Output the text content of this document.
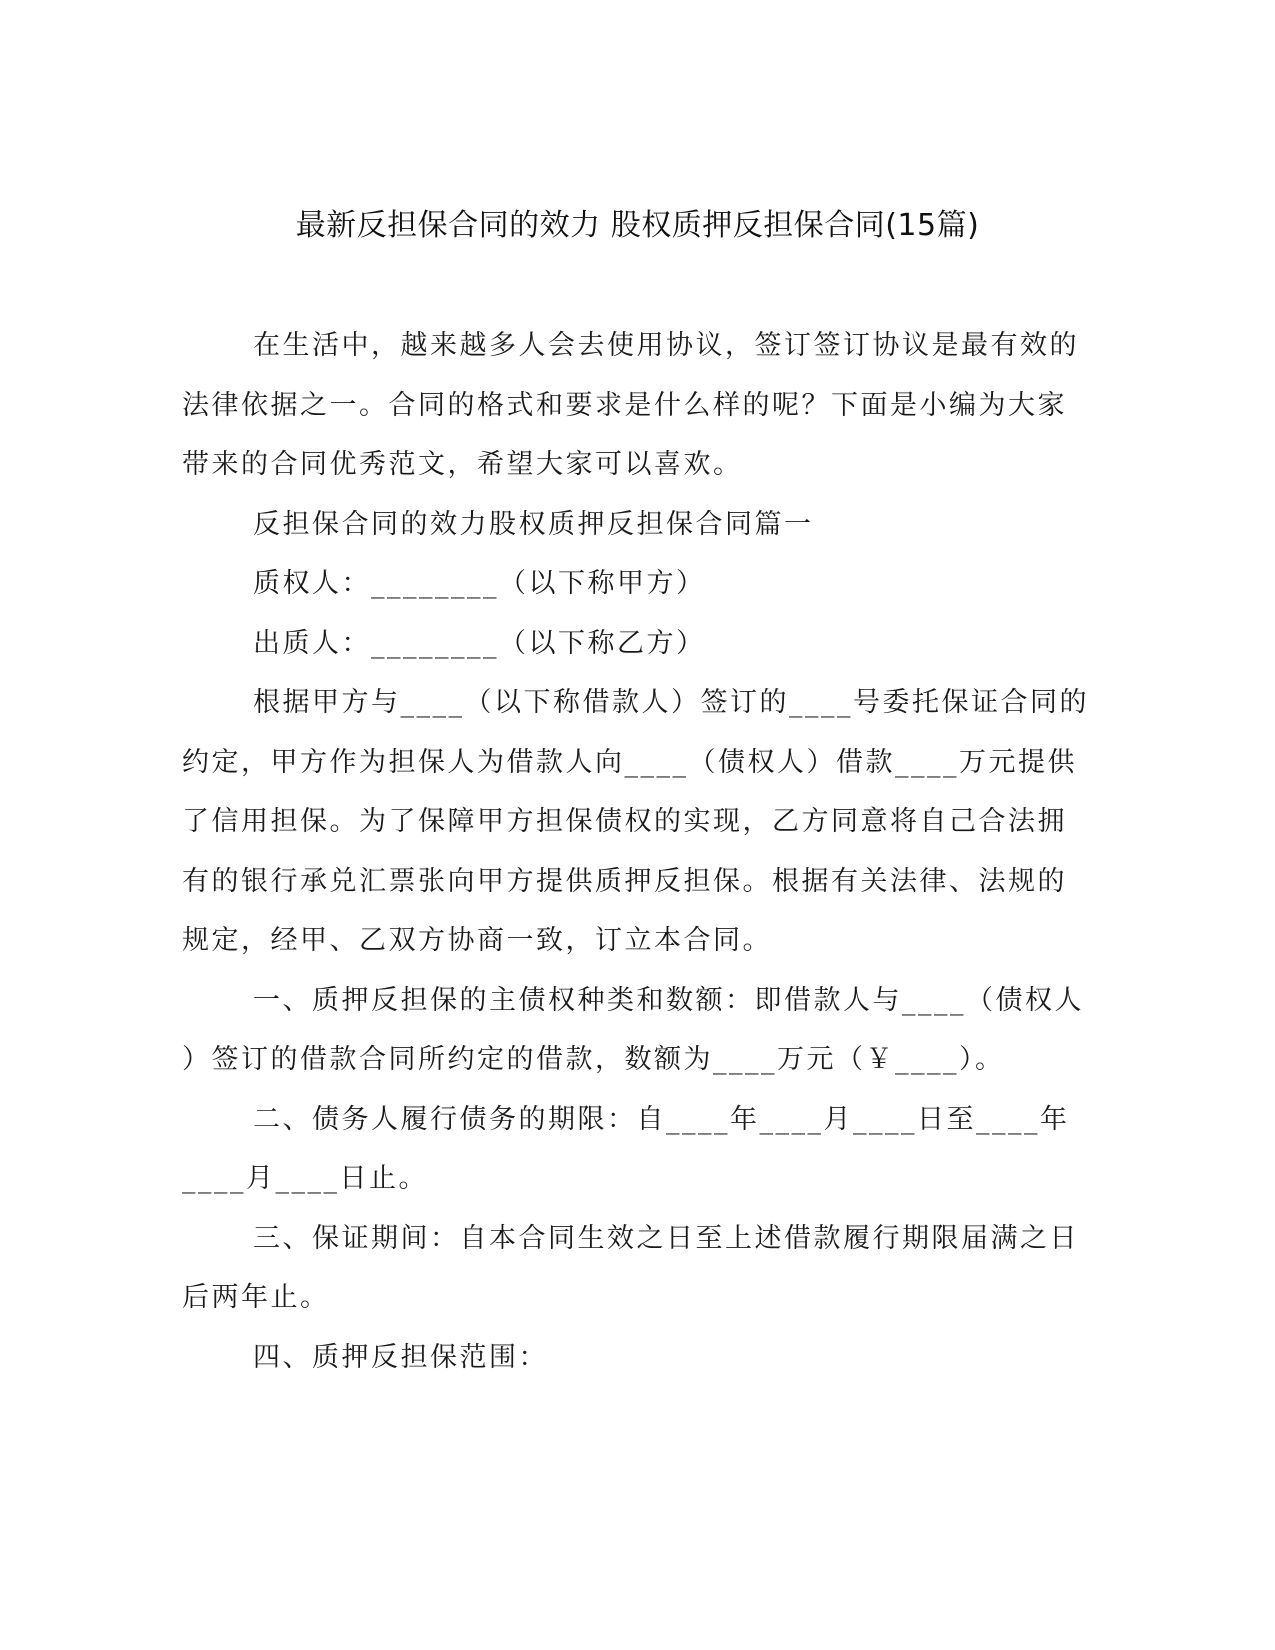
最新反担保合同的效力 股权质押反担保合同(15篇)

在生活中，越来越多人会去使用协议，签订签订协议是最有效的

法律依据之一。合同的格式和要求是什么样的呢？下面是小编为大家

带来的合同优秀范文，希望大家可以喜欢。

反担保合同的效力股权质押反担保合同篇一

质权人：________（以下称甲方）

出质人：________（以下称乙方）

根据甲方与____（以下称借款人）签订的____号委托保证合同的

约定，甲方作为担保人为借款人向____（债权人）借款____万元提供

了信用担保。为了保障甲方担保债权的实现，乙方同意将自己合法拥

有的银行承兑汇票张向甲方提供质押反担保。根据有关法律、法规的

规定，经甲、乙双方协商一致，订立本合同。

一、质押反担保的主债权种类和数额：即借款人与____（债权人

）签订的借款合同所约定的借款，数额为____万元（￥____）。

二、债务人履行债务的期限：自____年____月____日至____年

____月____日止。

三、保证期间：自本合同生效之日至上述借款履行期限届满之日

后两年止。

四、质押反担保范围：
